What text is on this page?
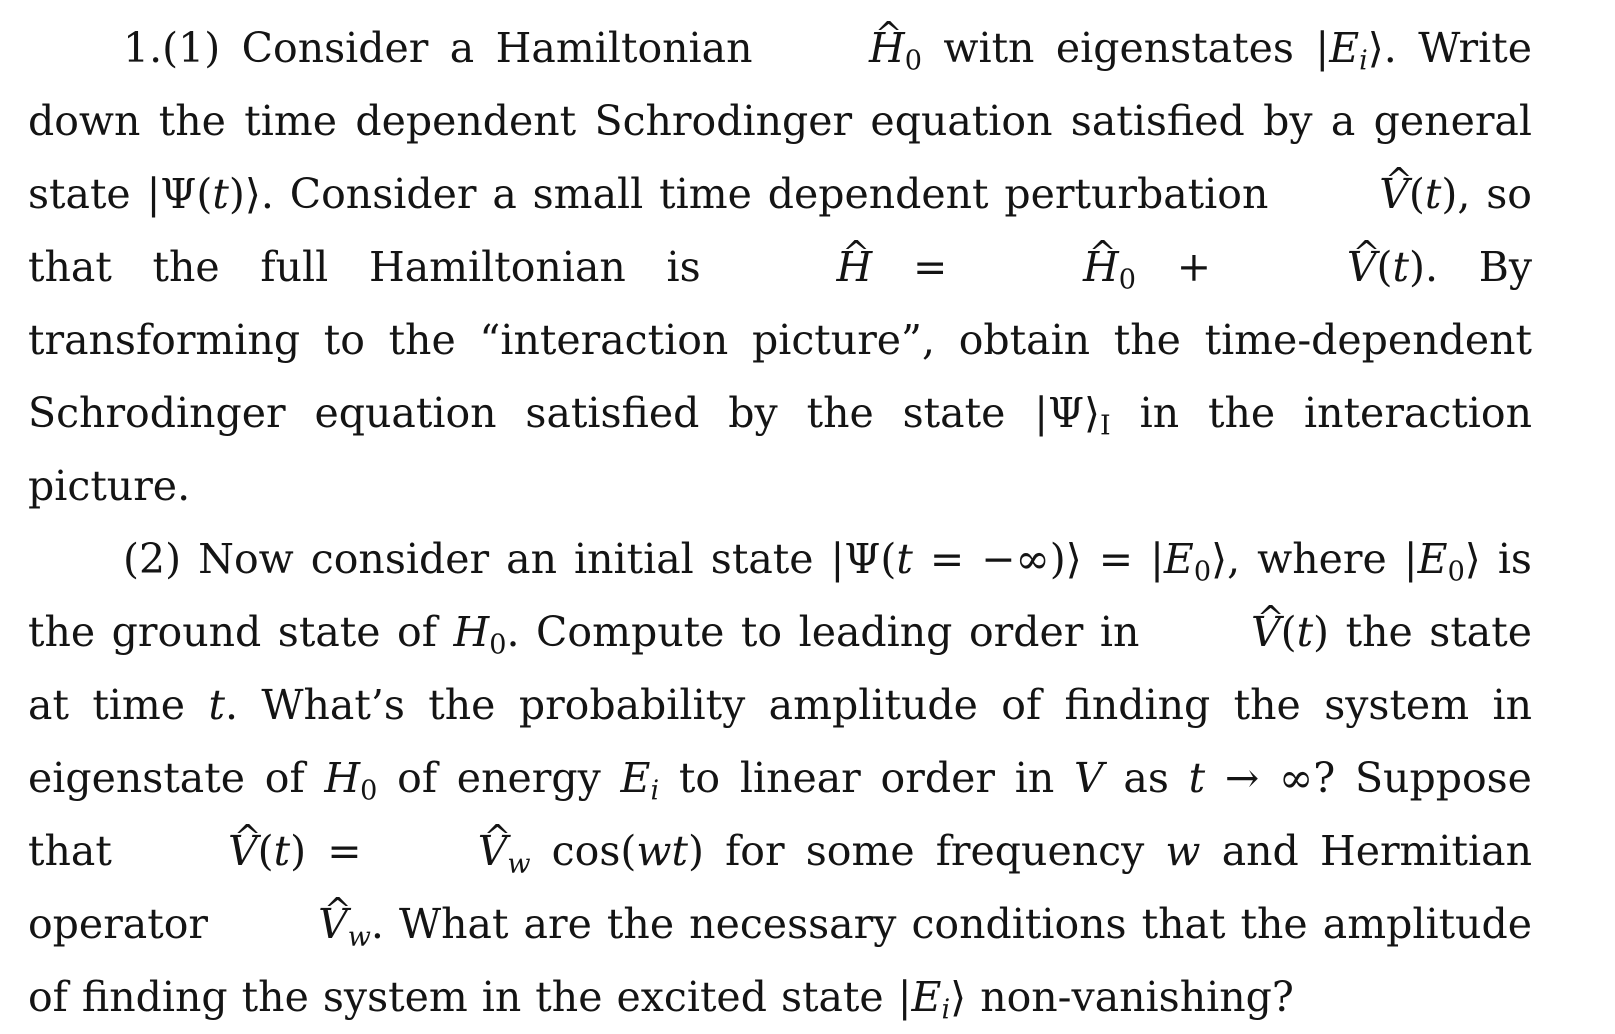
1.(1) Consider a Hamiltonian	^ $H_0$ witn eigenstates $|E_i⟩$. Write down the time dependent Schrodinger equation satisfied by a general state |Ψ(t)⟩. Consider a small time dependent perturbation	^ V(t), so that the full Hamiltonian is	^ H = ^ $H_0$ + ^ V(t). By transforming to the “interaction picture”, obtain the time-dependent Schrodinger equation satisfied by the state $|\Psi⟩_I$ in the interaction picture.

(2) Now consider an initial state |Ψ(t = −∞)⟩ = $|E_0⟩$, where $|E_0⟩$ is the ground state of $H_0$. Compute to leading order in	^ V(t) the state at time t. What’s the probability amplitude of finding the system in eigenstate of $H_0$ of energy $E_i$ to linear order in V as t → ∞? Suppose that	^ V(t) = ^ $V_w$ cos(wt) for some frequency w and Hermitian operator	^ $V_w$. What are the necessary conditions that the amplitude of finding the system in the excited state $|E_i⟩$ non-vanishing?
